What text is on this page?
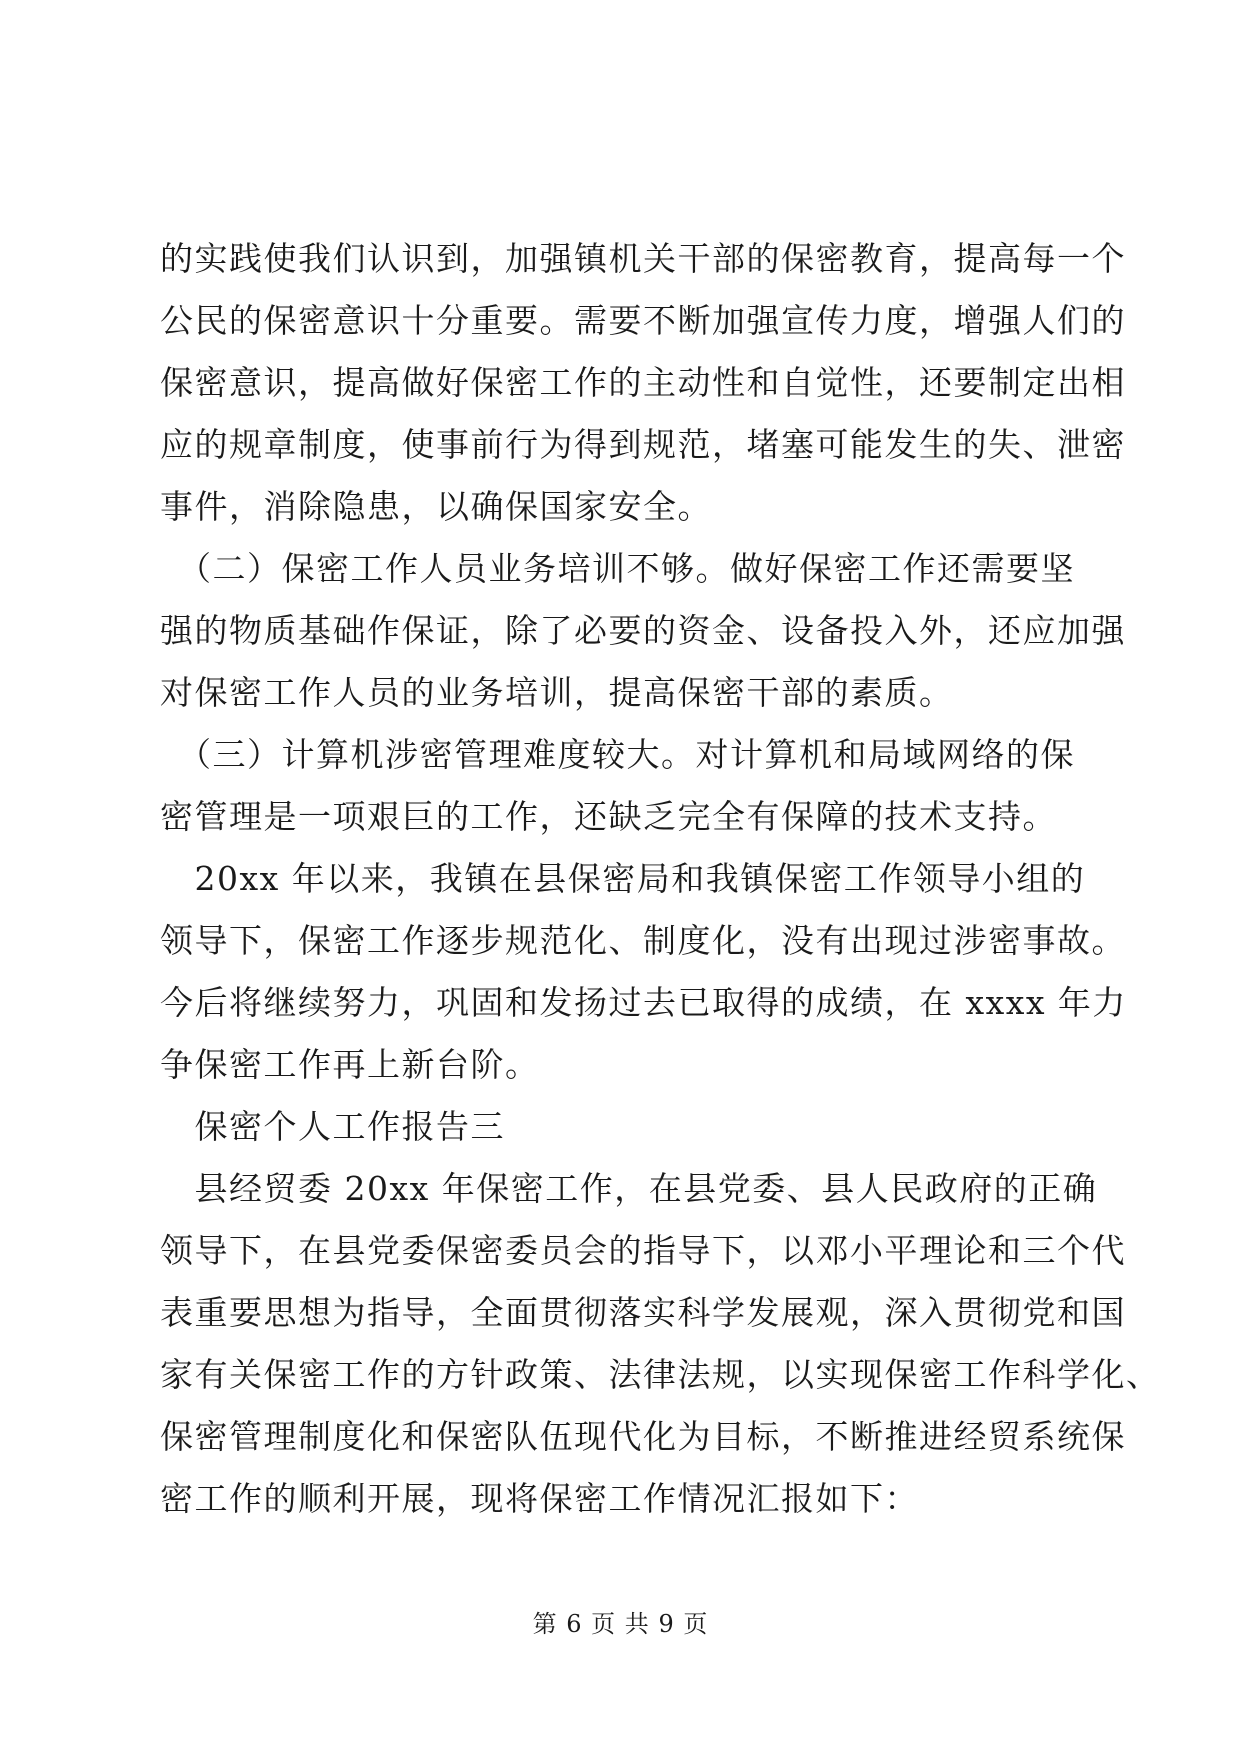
的实践使我们认识到，加强镇机关干部的保密教育，提高每一个
公民的保密意识十分重要。需要不断加强宣传力度，增强人们的
保密意识，提高做好保密工作的主动性和自觉性，还要制定出相
应的规章制度，使事前行为得到规范，堵塞可能发生的失、泄密
事件，消除隐患，以确保国家安全。
　（二）保密工作人员业务培训不够。做好保密工作还需要坚
强的物质基础作保证，除了必要的资金、设备投入外，还应加强
对保密工作人员的业务培训，提高保密干部的素质。
　（三）计算机涉密管理难度较大。对计算机和局域网络的保
密管理是一项艰巨的工作，还缺乏完全有保障的技术支持。
　20xx 年以来，我镇在县保密局和我镇保密工作领导小组的
领导下，保密工作逐步规范化、制度化，没有出现过涉密事故。
今后将继续努力，巩固和发扬过去已取得的成绩，在 xxxx 年力
争保密工作再上新台阶。
　保密个人工作报告三
　县经贸委 20xx 年保密工作，在县党委、县人民政府的正确
领导下，在县党委保密委员会的指导下，以邓小平理论和三个代
表重要思想为指导，全面贯彻落实科学发展观，深入贯彻党和国
家有关保密工作的方针政策、法律法规，以实现保密工作科学化、
保密管理制度化和保密队伍现代化为目标，不断推进经贸系统保
密工作的顺利开展，现将保密工作情况汇报如下：
第 6 页 共 9 页
